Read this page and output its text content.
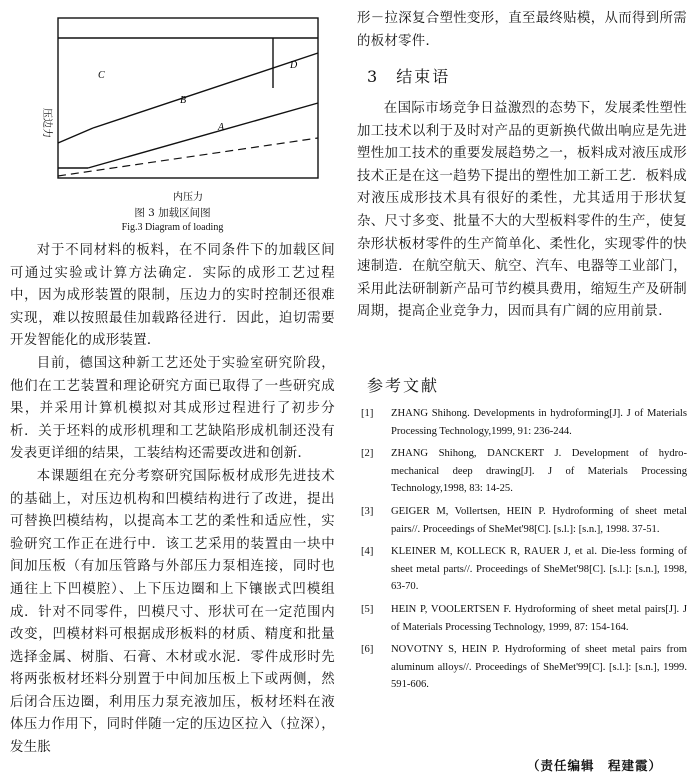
C
B
D
A
压边力
内压力
图 3 加载区间图
Fig.3 Diagram of loading

对于不同材料的板料，在不同条件下的加载区间可通过实验或计算方法确定．实际的成形工艺过程中，因为成形装置的限制，压边力的实时控制还很难实现，难以按照最佳加载路径进行．因此，迫切需要开发智能化的成形装置．

目前，德国这种新工艺还处于实验室研究阶段，他们在工艺装置和理论研究方面已取得了一些研究成果，并采用计算机模拟对其成形过程进行了初步分析．关于坯料的成形机理和工艺缺陷形成机制还没有发表更详细的结果，工装结构还需要改进和创新．

本课题组在充分考察研究国际板材成形先进技术的基础上，对压边机构和凹模结构进行了改进，提出可替换凹模结构，以提高本工艺的柔性和适应性，实验研究工作正在进行中．该工艺采用的装置由一块中间加压板（有加压管路与外部压力泵相连接，同时也通往上下凹模腔）、上下压边圈和上下镶嵌式凹模组成．针对不同零件，凹模尺寸、形状可在一定范围内改变，凹模材料可根据成形板料的材质、精度和批量选择金属、树脂、石膏、木材或水泥．零件成形时先将两张板材坯料分别置于中间加压板上下或两侧，然后闭合压边圈，利用压力泵充液加压，板材坯料在液体压力作用下，同时伴随一定的压边区拉入（拉深），发生胀

形－拉深复合塑性变形，直至最终贴模，从而得到所需的板材零件．

3 结束语

在国际市场竞争日益激烈的态势下，发展柔性塑性加工技术以利于及时对产品的更新换代做出响应是先进塑性加工技术的重要发展趋势之一，板料成对液压成形技术正是在这一趋势下提出的塑性加工新工艺．板料成对液压成形技术具有很好的柔性，尤其适用于形状复杂、尺寸多变、批量不大的大型板料零件的生产，使复杂形状板材零件的生产简单化、柔性化，实现零件的快速制造．在航空航天、航空、汽车、电器等工业部门，采用此法研制新产品可节约模具费用，缩短生产及研制周期，提高企业竞争力，因而具有广阔的应用前景．

参考文献
[1] ZHANG Shihong. Developments in hydroforming[J]. J of Materials Processing Technology,1999, 91: 236-244.
[2] ZHANG Shihong, DANCKERT J. Development of hydro-mechanical deep drawing[J]. J of Materials Processing Technology,1998, 83: 14-25.
[3] GEIGER M, Vollertsen, HEIN P. Hydroforming of sheet metal pairs//. Proceedings of SheMet'98[C]. [s.l.]: [s.n.], 1998. 37-51.
[4] KLEINER M, KOLLECK R, RAUER J, et al. Die-less forming of sheet metal parts//. Proceedings of SheMet'98[C]. [s.l.]: [s.n.], 1998, 63-70.
[5] HEIN P, VOOLERTSEN F. Hydroforming of sheet metal pairs[J]. J of Materials Processing Technology, 1999, 87: 154-164.
[6] NOVOTNY S, HEIN P. Hydroforming of sheet metal pairs from aluminum alloys//. Proceedings of SheMet'99[C]. [s.l.]: [s.n.], 1999. 591-606.
（责任编辑　程建霞）
